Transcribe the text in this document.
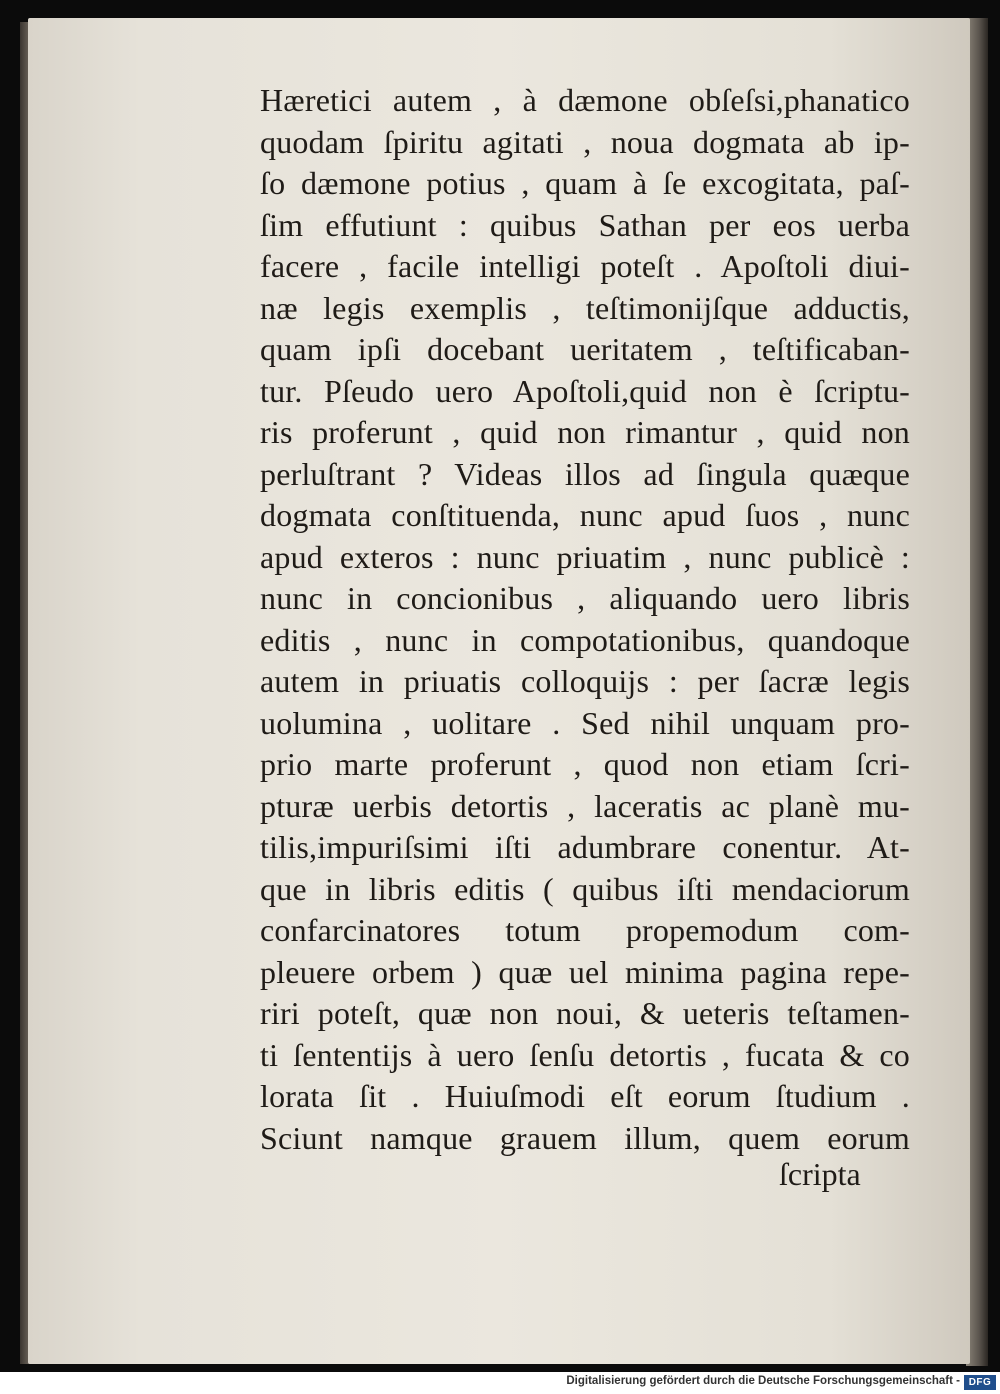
Hæretici autem , à dæmone obſeſsi,phanatico
quodam ſpiritu agitati , noua dogmata ab ip-
ſo dæmone potius , quam à ſe excogitata, paſ-
ſim effutiunt : quibus Sathan per eos uerba
facere , facile intelligi poteſt . Apoſtoli diui-
næ legis exemplis , teſtimonijſque adductis,
quam ipſi docebant ueritatem , teſtificaban-
tur. Pſeudo uero Apoſtoli,quid non è ſcriptu-
ris proferunt , quid non rimantur , quid non
perluſtrant ? Videas illos ad ſingula quæque
dogmata conſtituenda, nunc apud ſuos , nunc
apud exteros : nunc priuatim , nunc publicè :
nunc in concionibus , aliquando uero libris
editis , nunc in compotationibus, quandoque
autem in priuatis colloquijs : per ſacræ legis
uolumina , uolitare . Sed nihil unquam pro-
prio marte proferunt , quod non etiam ſcri-
pturæ uerbis detortis , laceratis ac planè mu-
tilis,impuriſsimi iſti adumbrare conentur. At-
que in libris editis ( quibus iſti mendaciorum
confarcinatores totum propemodum com-
pleuere orbem ) quæ uel minima pagina repe-
riri poteſt, quæ non noui, & ueteris teſtamen-
ti ſententijs à uero ſenſu detortis , fucata & co
lorata ſit . Huiuſmodi eſt eorum ſtudium .
Sciunt namque grauem illum, quem eorum
ſcripta
Digitalisierung gefördert durch die Deutsche Forschungsgemeinschaft - DFG
